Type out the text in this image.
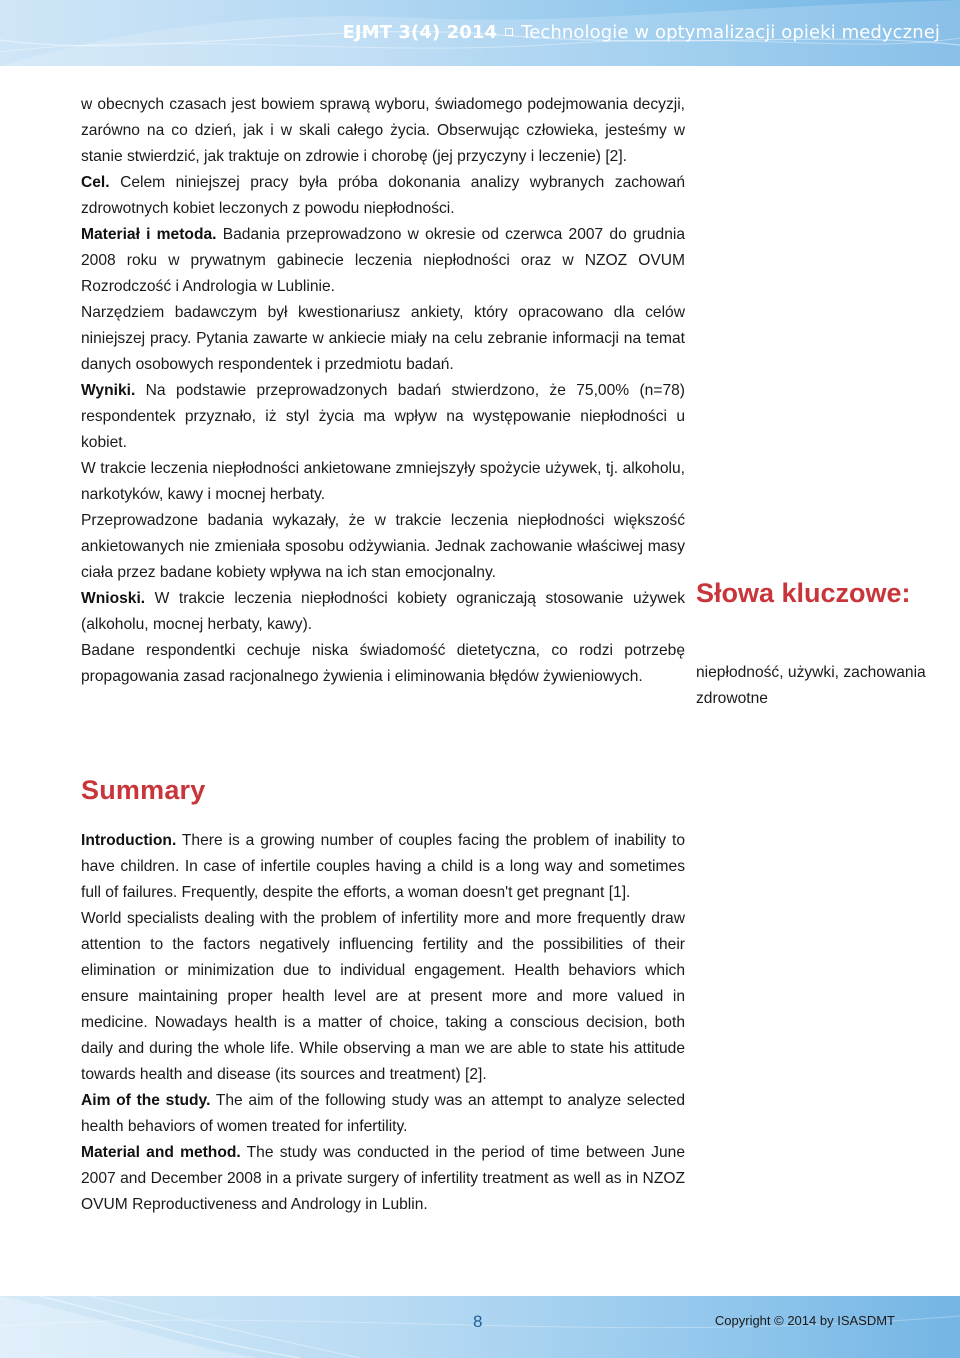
EJMT 3(4) 2014 Technologie w optymalizacji opieki medycznej

w obecnych czasach jest bowiem sprawą wyboru, świadomego podejmowania decyzji, zarówno na co dzień, jak i w skali całego życia. Obserwując człowieka, jesteśmy w stanie stwierdzić, jak traktuje on zdrowie i chorobę (jej przyczyny i leczenie) [2].

Cel. Celem niniejszej pracy była próba dokonania analizy wybranych zachowań zdrowotnych kobiet leczonych z powodu niepłodności.

Materiał i metoda. Badania przeprowadzono w okresie od czerwca 2007 do grudnia 2008 roku w prywatnym gabinecie leczenia niepłodności oraz w NZOZ OVUM Rozrodczość i Andrologia w Lublinie.

Narzędziem badawczym był kwestionariusz ankiety, który opracowano dla celów niniejszej pracy. Pytania zawarte w ankiecie miały na celu zebranie informacji na temat danych osobowych respondentek i przedmiotu badań.

Wyniki. Na podstawie przeprowadzonych badań stwierdzono, że 75,00% (n=78) respondentek przyznało, iż styl życia ma wpływ na występowanie niepłodności u kobiet.

W trakcie leczenia niepłodności ankietowane zmniejszyły spożycie używek, tj. alkoholu, narkotyków, kawy i mocnej herbaty.

Przeprowadzone badania wykazały, że w trakcie leczenia niepłodności większość ankietowanych nie zmieniała sposobu odżywiania. Jednak zachowanie właściwej masy ciała przez badane kobiety wpływa na ich stan emocjonalny.

Wnioski. W trakcie leczenia niepłodności kobiety ograniczają stosowanie używek (alkoholu, mocnej herbaty, kawy).

Badane respondentki cechuje niska świadomość dietetyczna, co rodzi potrzebę propagowania zasad racjonalnego żywienia i eliminowania błędów żywieniowych.

Słowa kluczowe:
niepłodność, używki, zachowania zdrowotne
Summary

Introduction. There is a growing number of couples facing the problem of inability to have children. In case of infertile couples having a child is a long way and sometimes full of failures. Frequently, despite the efforts, a woman doesn't get pregnant [1].

World specialists dealing with the problem of infertility more and more frequently draw attention to the factors negatively influencing fertility and the possibilities of their elimination or minimization due to individual engagement. Health behaviors which ensure maintaining proper health level are at present more and more valued in medicine. Nowadays health is a matter of choice, taking a conscious decision, both daily and during the whole life. While observing a man we are able to state his attitude towards health and disease (its sources and treatment) [2].

Aim of the study. The aim of the following study was an attempt to analyze selected health behaviors of women treated for infertility.

Material and method. The study was conducted in the period of time between June 2007 and December 2008 in a private surgery of infertility treatment as well as in NZOZ OVUM Reproductiveness and Andrology in Lublin.

8	Copyright © 2014 by ISASDMT
